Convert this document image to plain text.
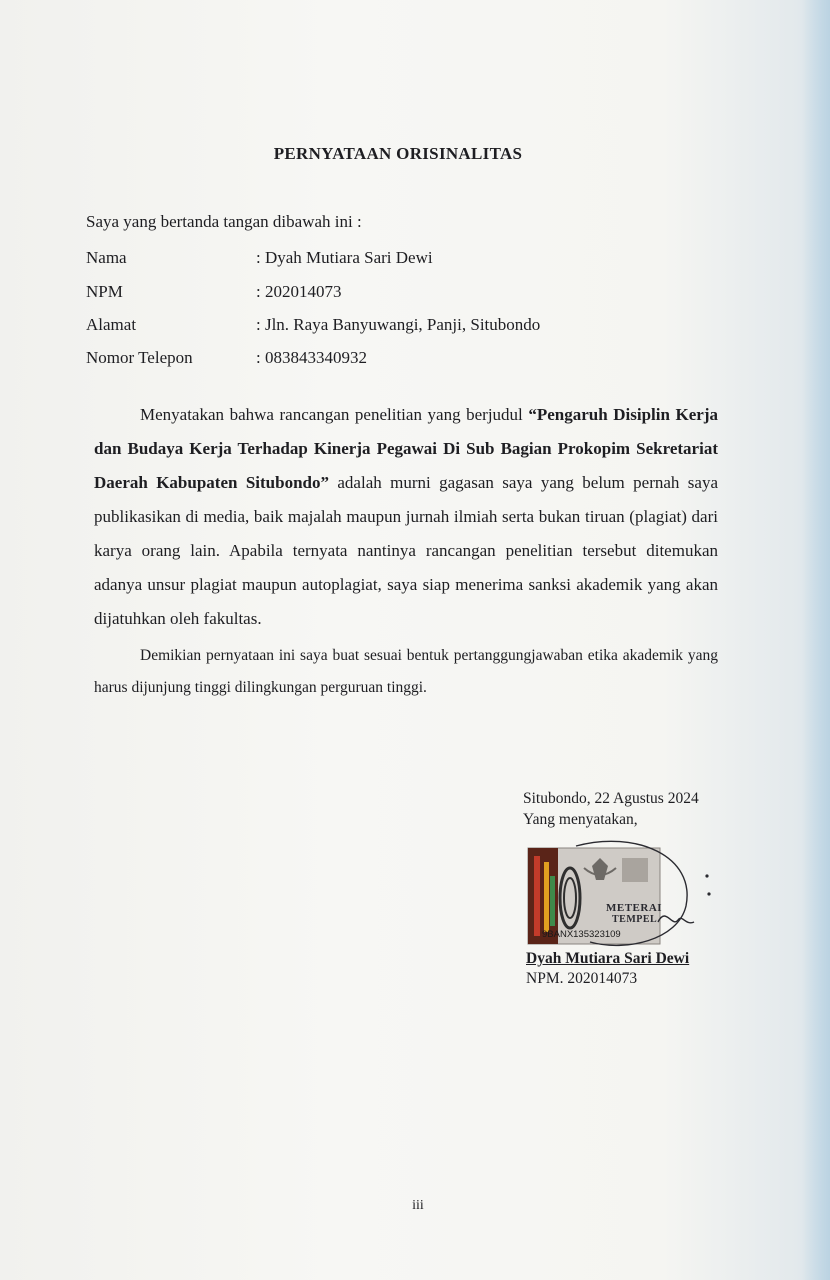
PERNYATAAN ORISINALITAS
Saya yang bertanda tangan dibawah ini :
Nama	: Dyah Mutiara Sari Dewi
NPM	: 202014073
Alamat	: Jln. Raya Banyuwangi, Panji, Situbondo
Nomor Telepon	: 083843340932

Menyatakan bahwa rancangan penelitian yang berjudul “Pengaruh Disiplin Kerja dan Budaya Kerja Terhadap Kinerja Pegawai Di Sub Bagian Prokopim Sekretariat Daerah Kabupaten Situbondo” adalah murni gagasan saya yang belum pernah saya publikasikan di media, baik majalah maupun jurnah ilmiah serta bukan tiruan (plagiat) dari karya orang lain. Apabila ternyata nantinya rancangan penelitian tersebut ditemukan adanya unsur plagiat maupun autoplagiat, saya siap menerima sanksi akademik yang akan dijatuhkan oleh fakultas.

Demikian pernyataan ini saya buat sesuai bentuk pertanggungjawaban etika akademik yang harus dijunjung tinggi dilingkungan perguruan tinggi.

Situbondo, 22 Agustus 2024
Yang menyatakan,
METERAI
TEMPEL
9BANX135323109
Dyah Mutiara Sari Dewi
NPM. 202014073
iii
